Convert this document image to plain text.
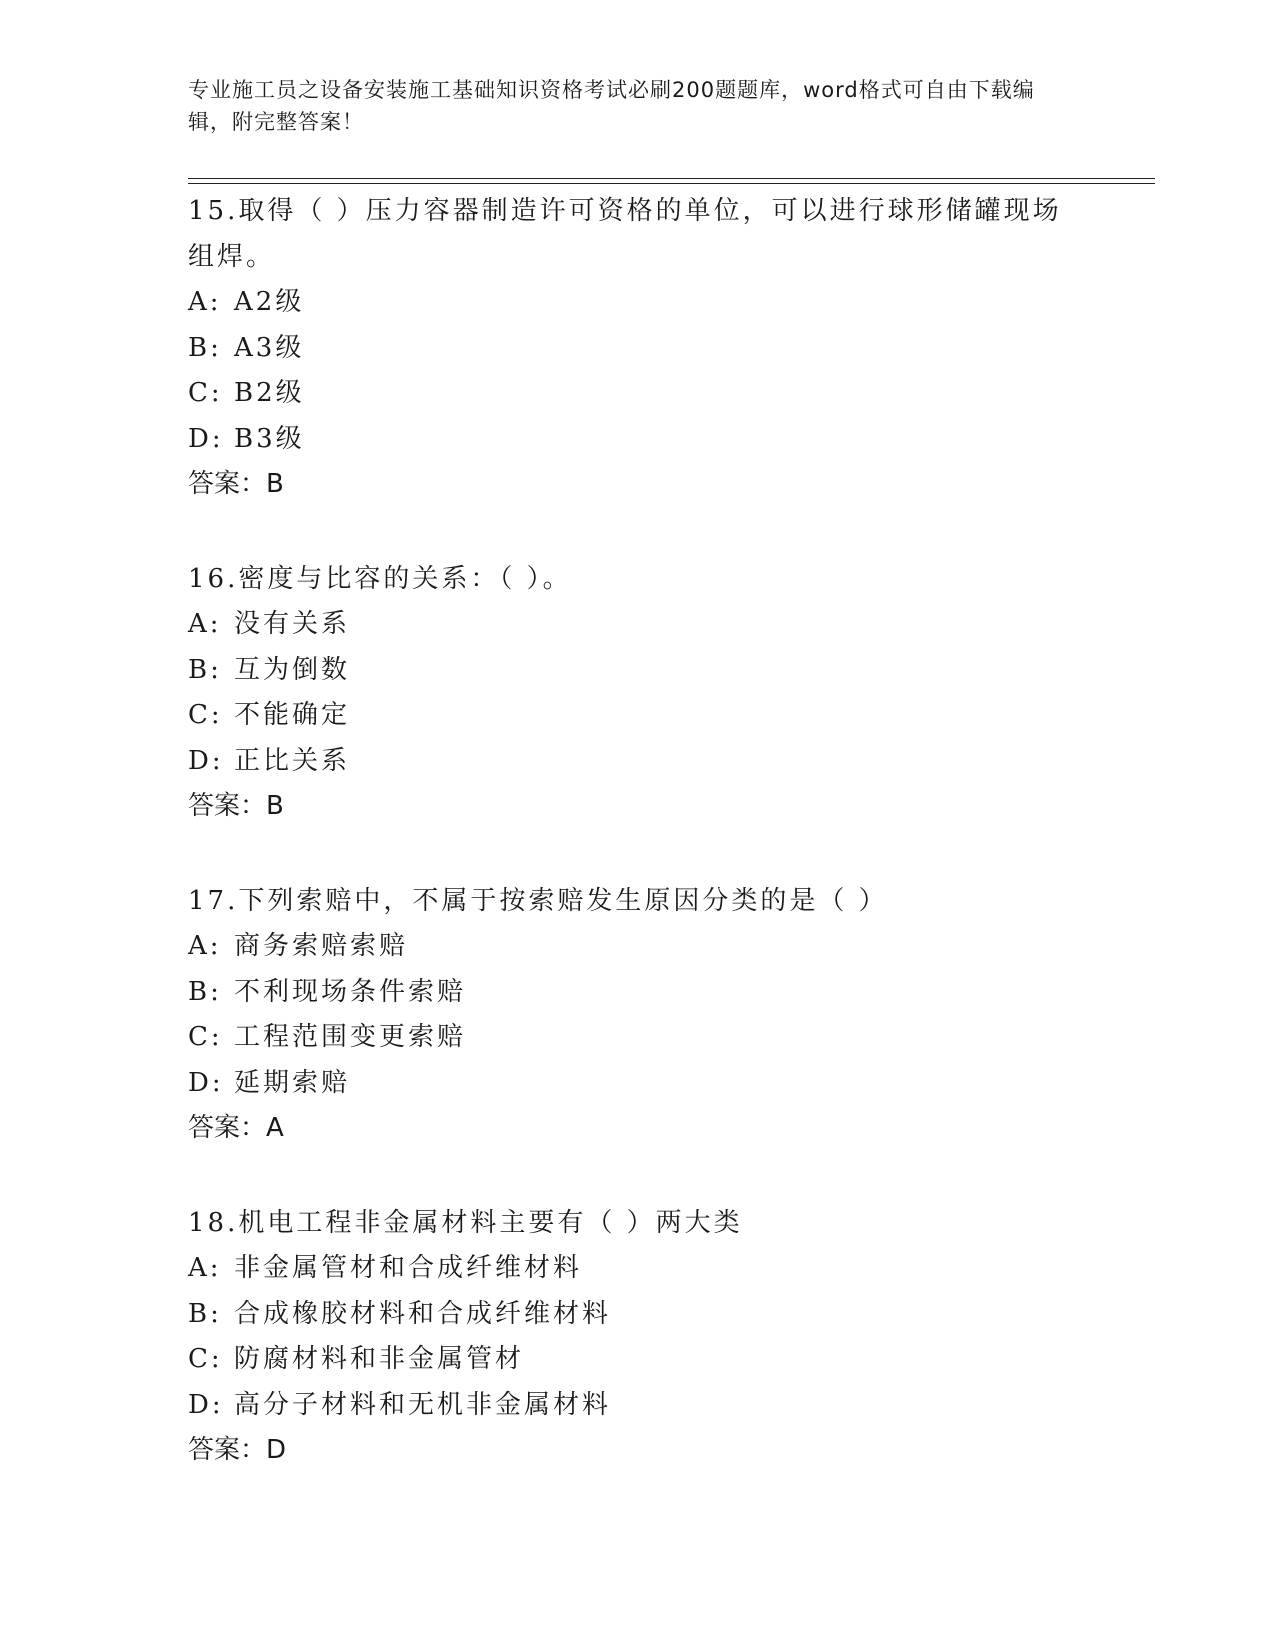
专业施工员之设备安装施工基础知识资格考试必刷200题题库，word格式可自由下载编辑，附完整答案！

15.取得（ ）压力容器制造许可资格的单位，可以进行球形储罐现场组焊。

A: A2级

B: A3级

C: B2级

D: B3级

答案：B

16.密度与比容的关系：（ ）。

A: 没有关系

B: 互为倒数

C: 不能确定

D: 正比关系

答案：B

17.下列索赔中，不属于按索赔发生原因分类的是（ ）

A: 商务索赔索赔

B: 不利现场条件索赔

C: 工程范围变更索赔

D: 延期索赔

答案：A

18.机电工程非金属材料主要有（ ）两大类

A: 非金属管材和合成纤维材料

B: 合成橡胶材料和合成纤维材料

C: 防腐材料和非金属管材

D: 高分子材料和无机非金属材料

答案：D
